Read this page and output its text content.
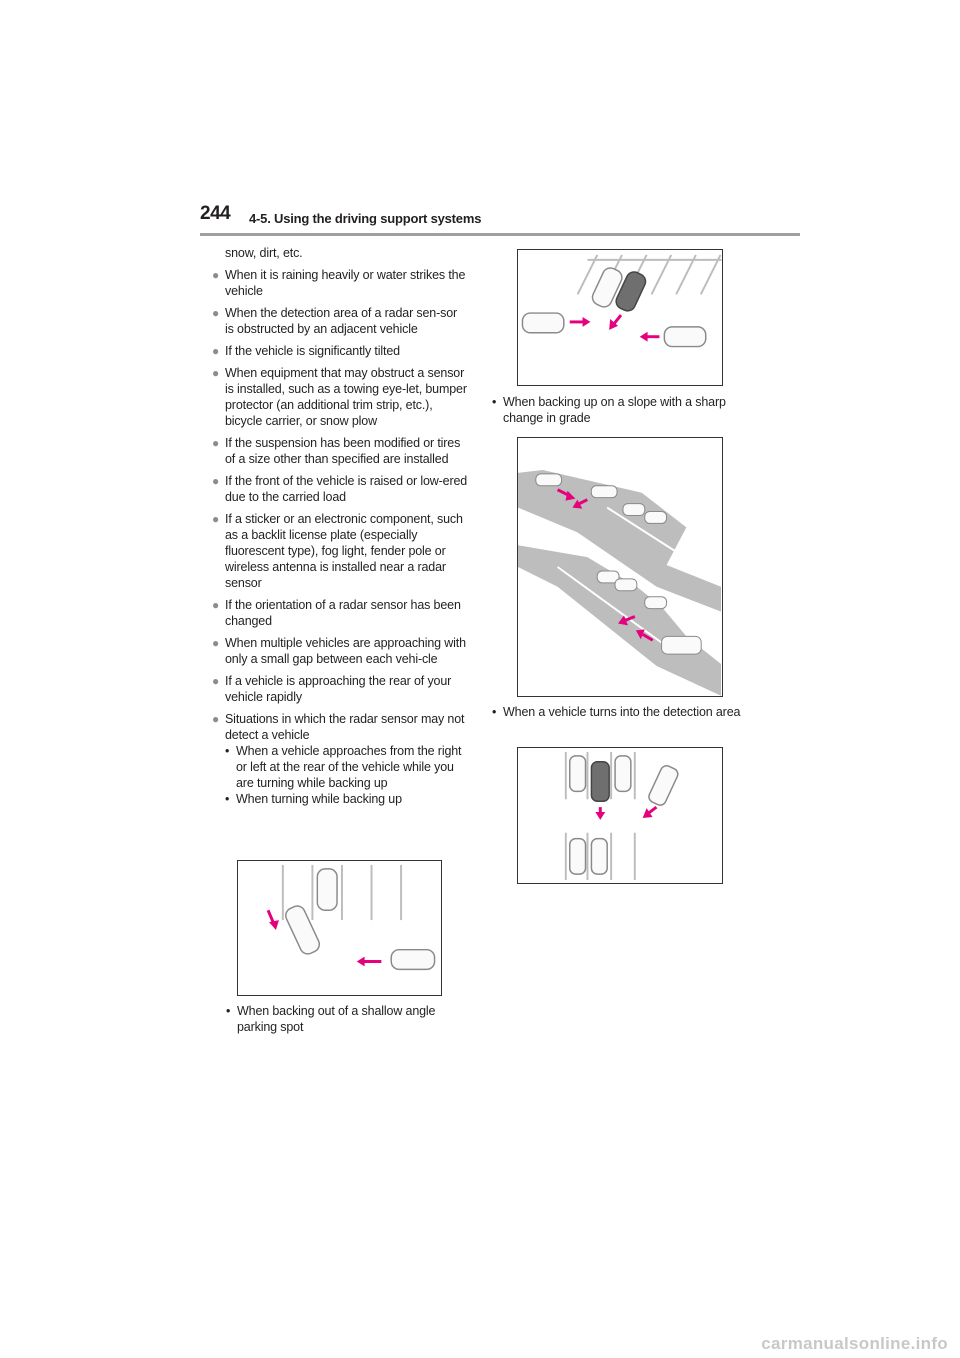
244 4-5. Using the driving support systems
snow, dirt, etc.
● When it is raining heavily or water strikes the vehicle
● When the detection area of a radar sen-sor is obstructed by an adjacent vehicle
● If the vehicle is significantly tilted
● When equipment that may obstruct a sensor is installed, such as a towing eye-let, bumper protector (an additional trim strip, etc.), bicycle carrier, or snow plow
● If the suspension has been modified or tires of a size other than specified are installed
● If the front of the vehicle is raised or low-ered due to the carried load
● If a sticker or an electronic component, such as a backlit license plate (especially fluorescent type), fog light, fender pole or wireless antenna is installed near a radar sensor
● If the orientation of a radar sensor has been changed
● When multiple vehicles are approaching with only a small gap between each vehi-cle
● If a vehicle is approaching the rear of your vehicle rapidly
● Situations in which the radar sensor may not detect a vehicle
• When a vehicle approaches from the right or left at the rear of the vehicle while you are turning while backing up
• When turning while backing up
• When backing out of a shallow angle parking spot
• When backing up on a slope with a sharp change in grade
• When a vehicle turns into the detection area
carmanualsonline.info
